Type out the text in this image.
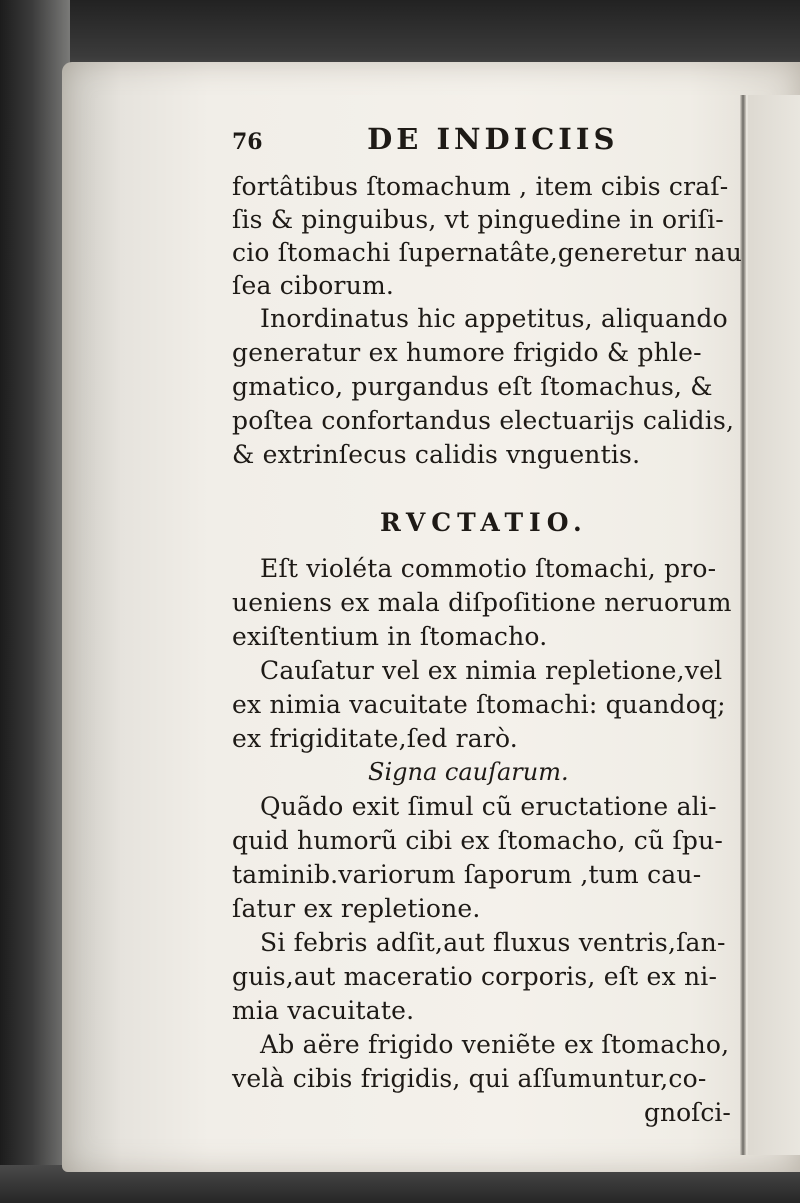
76	DE INDICIIS
fortâtibus ſtomachum , item cibis craſ-
ſis & pinguibus, vt pinguedine in oriſi-
cio ſtomachi ſupernatâte,generetur nau
ſea ciborum.
Inordinatus hic appetitus, aliquando
generatur ex humore frigido & phle-
gmatico, purgandus eſt ſtomachus, &
poſtea confortandus electuarijs calidis,
& extrinſecus calidis vnguentis.
RVCTATIO.
Eſt violéta commotio ſtomachi, pro-
ueniens ex mala diſpoſitione neruorum
exiſtentium in ſtomacho.
Cauſatur vel ex nimia repletione,vel
ex nimia vacuitate ſtomachi: quandoq;
ex frigiditate,ſed rarò.
Signa cauſarum.
Quãdo exit ſimul cũ eructatione ali-
quid humorũ cibi ex ſtomacho, cũ ſpu-
taminib.variorum ſaporum ,tum cau-
ſatur ex repletione.
Si febris adſit,aut fluxus ventris,ſan-
guis,aut maceratio corporis, eſt ex ni-
mia vacuitate.
Ab aëre frigido veniẽte ex ſtomacho,
velà cibis frigidis, qui aſſumuntur,co-
gnoſci-
